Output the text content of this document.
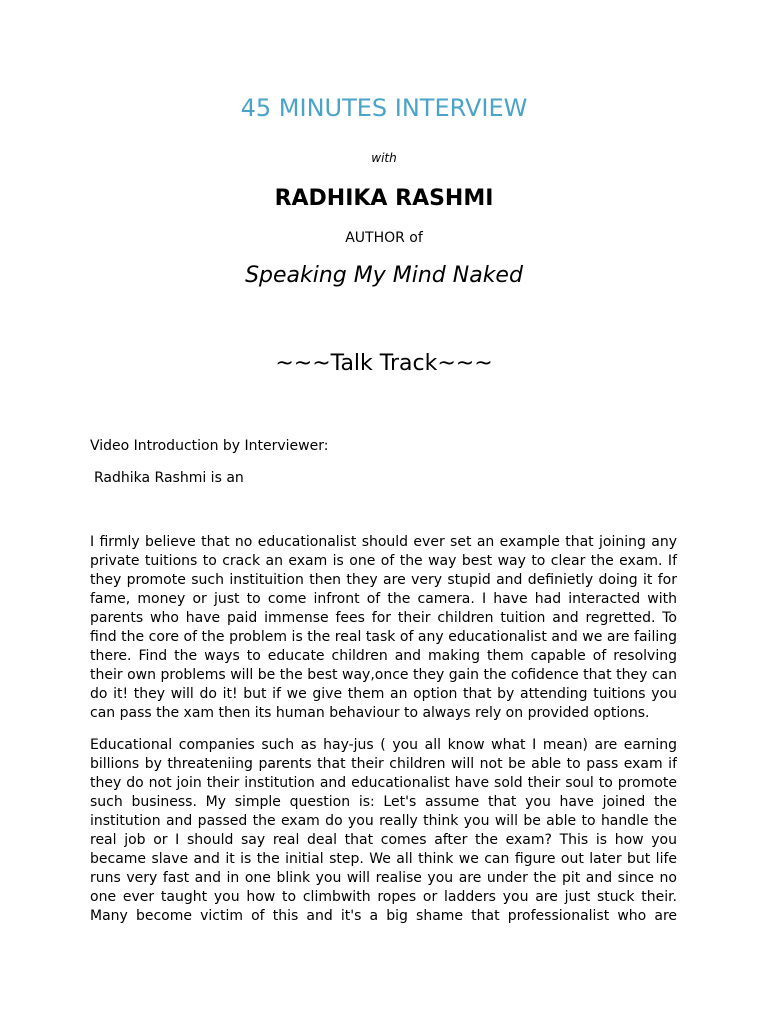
45 MINUTES INTERVIEW
with
RADHIKA RASHMI
AUTHOR of
Speaking My Mind Naked
~~~Talk Track~~~
Video Introduction by Interviewer:
Radhika Rashmi is an

I firmly believe that no educationalist should ever set an example that joining any private tuitions to crack an exam is one of the way best way to clear the exam. If they promote such instituition then they are very stupid and definietly doing it for fame, money or just to come infront of the camera. I have had interacted with parents who have paid immense fees for their children tuition and regretted. To find the core of the problem is the real task of any educationalist and we are failing there. Find the ways to educate children and making them capable of resolving their own problems will be the best way,once they gain the cofidence that they can do it! they will do it! but if we give them an option that by attending tuitions you can pass the xam then its human behaviour to always rely on provided options.

Educational companies such as hay-jus ( you all know what I mean) are earning billions by threateniing parents that their children will not be able to pass exam if they do not join their institution and educationalist have sold their soul to promote such business. My simple question is: Let's assume that you have joined the institution and passed the exam do you really think you will be able to handle the real job or I should say real deal that comes after the exam? This is how you became slave and it is the initial step. We all think we can figure out later but life runs very fast and in one blink you will realise you are under the pit and since no one ever taught you how to climbwith ropes or ladders you are just stuck their. Many become victim of this and it's a big shame that professionalist who are
